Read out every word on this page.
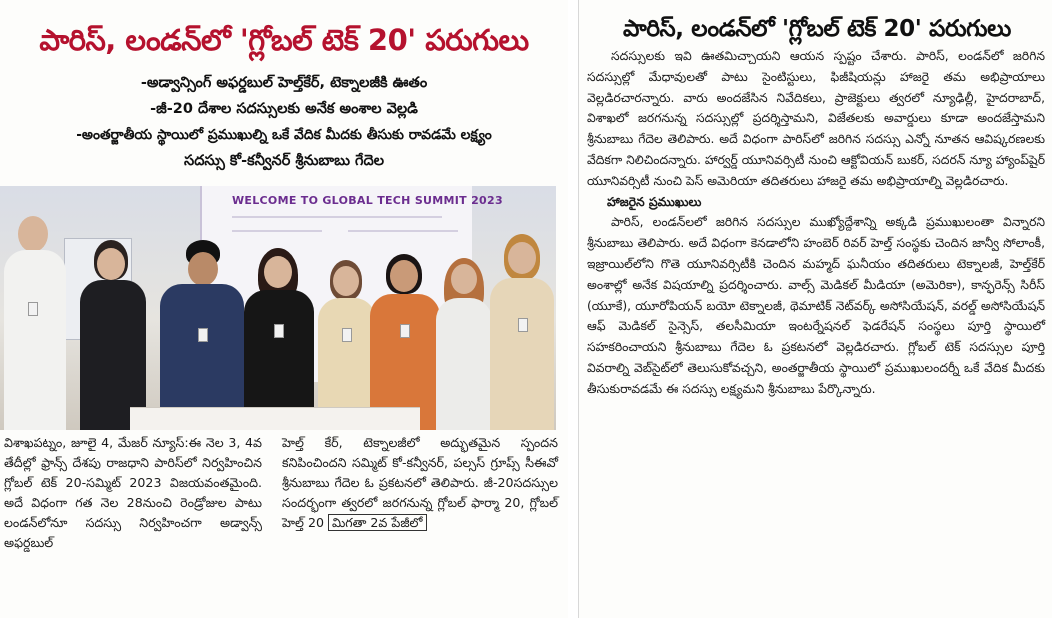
పారిస్, లండన్‌లో 'గ్లోబల్ టెక్ 20' పరుగులు
-అడ్వాన్సింగ్ అఫర్డబుల్ హెల్త్‌కేర్, టెక్నాలజీకి ఊతం
-జీ-20 దేశాల సదస్సులకు అనేక అంశాల వెల్లడి
-అంతర్జాతీయ స్థాయిలో ప్రముఖుల్ని ఒకే వేదిక మీదకు తీసుకు రావడమే లక్ష్యం
సదస్సు కో-కన్వీనర్ శ్రీనుబాబు గేదెల
WELCOME TO GLOBAL TECH SUMMIT 2023

విశాఖపట్నం, జూలై 4, మేజర్ న్యూస్:ఈ నెల 3, 4వ తేదీల్లో ఫ్రాన్స్ దేశపు రాజధాని పారిస్‌లో నిర్వహించిన గ్లోబల్ టెక్ 20-సమ్మిట్ 2023 విజయవంతమైంది. అదే విధంగా గత నెల 28నుంచి రెండ్రోజుల పాటు లండన్‌లోనూ సదస్సు నిర్వహించగా అడ్వాన్స్ అఫర్డబుల్

హెల్త్ కేర్, టెక్నాలజీలో అద్భుతమైన స్పందన కనిపించిందని సమ్మిట్ కో-కన్వీనర్, పల్సస్ గ్రూప్స్ సీఈవో శ్రీనుబాబు గేదెల ఓ ప్రకటనలో తెలిపారు. జీ-20సదస్సుల సందర్భంగా త్వరలో జరగనున్న గ్లోబల్ ఫార్మా 20, గ్లోబల్ హెల్త్ 20 మిగతా 2వ పేజీలో

పారిస్, లండన్‌లో 'గ్లోబల్ టెక్ 20' పరుగులు

సదస్సులకు ఇవి ఊతమిచ్చాయని ఆయన స్పష్టం చేశారు. పారిస్, లండన్‌లో జరిగిన సదస్సుల్లో మేధావులతో పాటు సైంటిస్టులు, ఫిజీషియన్లు హాజరై తమ అభిప్రాయాలు వెల్లడిరచారన్నారు. వారు అందజేసిన నివేదికలు, ప్రాజెక్టులు త్వరలో న్యూఢిల్లీ, హైదరాబాద్, విశాఖలో జరగనున్న సదస్సుల్లో ప్రదర్శిస్తామని, విజేతలకు అవార్డులు కూడా అందజేస్తామని శ్రీనుబాబు గేదెల తెలిపారు. అదే విధంగా పారిస్‌లో జరిగిన సదస్సు ఎన్నో నూతన ఆవిష్కరణలకు వేదికగా నిలిచిందన్నారు. హార్వర్డ్ యూనివర్సిటీ నుంచి ఆక్టోవియన్ బుకర్, సదరన్ న్యూ హ్యాంప్‌షైర్ యూనివర్సిటీ నుంచి పెస్ అమెరియా తదితరులు హాజరై తమ అభిప్రాయాల్ని వెల్లడిరచారు.

హాజరైన ప్రముఖులు

పారిస్, లండన్‌లలో జరిగిన సదస్సుల ముఖ్యోద్దేశాన్ని అక్కడి ప్రముఖులంతా విన్నారని శ్రీనుబాబు తెలిపారు. అదే విధంగా కెనడాలోని హంబెర్ రివర్ హెల్త్ సంస్థకు చెందిన జాన్వీ సోలాంకీ, ఇజ్రాయిల్‌లోని గొతె యూనివర్సిటీకి చెందిన మహ్మద్ ఘనీయం తదితరులు టెక్నాలజీ, హెల్త్‌కేర్ అంశాల్లో అనేక విషయాల్ని ప్రదర్శించారు. వాల్స్ మెడికల్ మీడియా (అమెరికా), కాన్ఫరెన్స్ సిరీస్ (యూకే), యూరోపియన్ బయో టెక్నాలజీ, థెమాటిక్ నెట్‌వర్క్ అసోసియేషన్, వరల్డ్ అసోసియేషన్ ఆఫ్ మెడికల్ సైన్సెస్, తలసీమియా ఇంటర్నేషనల్ ఫెడరేషన్ సంస్థలు పూర్తి స్థాయిలో సహకరించాయని శ్రీనుబాబు గేదెల ఓ ప్రకటనలో వెల్లడిరచారు. గ్లోబల్ టెక్ సదస్సుల పూర్తి వివరాల్ని వెబ్‌సైట్‌లో తెలుసుకోవచ్చని, అంతర్జాతీయ స్థాయిలో ప్రముఖులందర్నీ ఒకే వేదిక మీదకు తీసుకురావడమే ఈ సదస్సు లక్ష్యమని శ్రీనుబాబు పేర్కొన్నారు.
